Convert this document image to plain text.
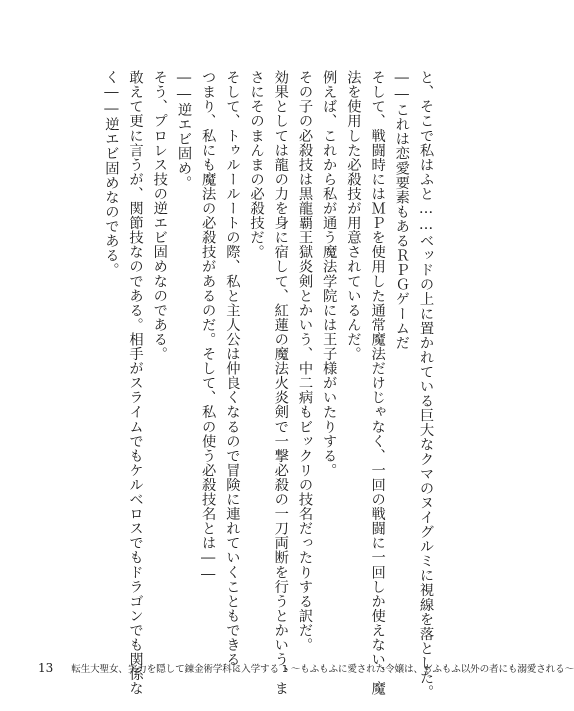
と、そこで私はふと……ベッドの上に置かれている巨大なクマのヌイグルミに視線を落とした。
――これは恋愛要素もあるＲＰＧゲームだ
そして、戦闘時にはＭＰを使用した通常魔法だけじゃなく、一回の戦闘に一回しか使えない、魔
法を使用した必殺技が用意されているんだ。
例えば、これから私が通う魔法学院には王子様がいたりする。
その子の必殺技は黒龍覇王獄炎剣とかいう、中二病もビックリの技名だったりする訳だ。
効果としては龍の力を身に宿して、紅蓮の魔法火炎剣で一撃必殺の一刀両断を行うとかいう、ま
さにそのまんまの必殺技だ。
そして、トゥルールートの際、私と主人公は仲良くなるので冒険に連れていくこともできる。
つまり、私にも魔法の必殺技があるのだ。そして、私の使う必殺技名とは――
――逆エビ固め。
そう、プロレス技の逆エビ固めなのである。
敢えて更に言うが、関節技なのである。相手がスライムでもケルベロスでもドラゴンでも関係な
く――逆エビ固めなのである。
13 転生大聖女、実力を隠して錬金術学科に入学する 1 ～もふもふに愛された令嬢は、もふもふ以外の者にも溺愛される～
